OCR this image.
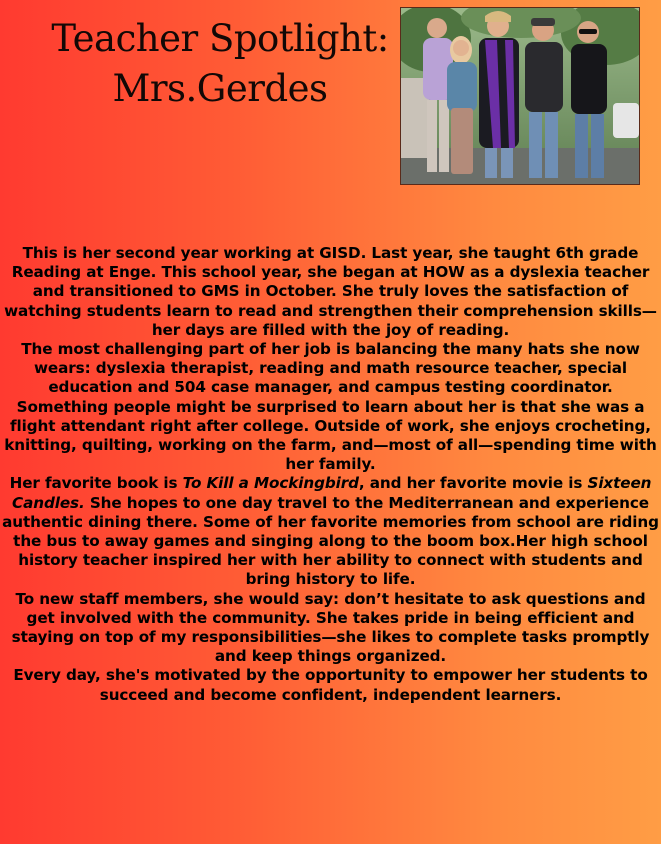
Teacher Spotlight:
Mrs.Gerdes

This is her second year working at GISD. Last year, she taught 6th grade Reading at Enge. This school year, she began at HOW as a dyslexia teacher and transitioned to GMS in October. She truly loves the satisfaction of watching students learn to read and strengthen their comprehension skills—her days are filled with the joy of reading.

The most challenging part of her job is balancing the many hats she now wears: dyslexia therapist, reading and math resource teacher, special education and 504 case manager, and campus testing coordinator.

Something people might be surprised to learn about her is that she was a flight attendant right after college. Outside of work, she enjoys crocheting, knitting, quilting, working on the farm, and—most of all—spending time with her family.

Her favorite book is To Kill a Mockingbird, and her favorite movie is Sixteen Candles. She hopes to one day travel to the Mediterranean and experience authentic dining there. Some of her favorite memories from school are riding the bus to away games and singing along to the boom box.Her high school history teacher inspired her with her ability to connect with students and bring history to life.

To new staff members, she would say: don’t hesitate to ask questions and get involved with the community. She takes pride in being efficient and staying on top of my responsibilities—she likes to complete tasks promptly and keep things organized.

Every day, she's motivated by the opportunity to empower her students to succeed and become confident, independent learners.
